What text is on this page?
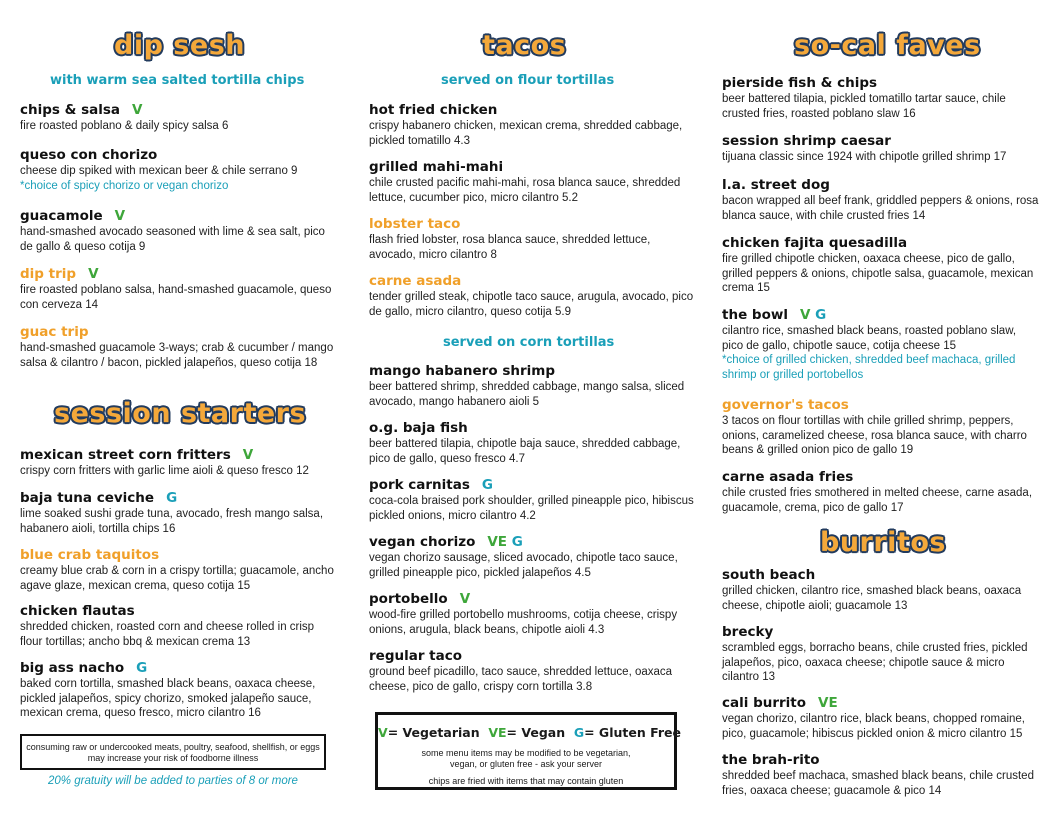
dip sesh
with warm sea salted tortilla chips
chips & salsa V
fire roasted poblano & daily spicy salsa 6
queso con chorizo
cheese dip spiked with mexican beer & chile serrano 9
*choice of spicy chorizo or vegan chorizo
guacamole V
hand-smashed avocado seasoned with lime & sea salt, pico de gallo & queso cotija 9
dip trip V
fire roasted poblano salsa, hand-smashed guacamole, queso con cerveza 14
guac trip
hand-smashed guacamole 3-ways; crab & cucumber / mango salsa & cilantro / bacon, pickled jalapeños, queso cotija 18
session starters
mexican street corn fritters V
crispy corn fritters with garlic lime aioli & queso fresco 12
baja tuna ceviche G
lime soaked sushi grade tuna, avocado, fresh mango salsa, habanero aioli, tortilla chips 16
blue crab taquitos
creamy blue crab & corn in a crispy tortilla; guacamole, ancho agave glaze, mexican crema, queso cotija 15
chicken flautas
shredded chicken, roasted corn and cheese rolled in crisp flour tortillas; ancho bbq & mexican crema 13
big ass nacho G
baked corn tortilla, smashed black beans, oaxaca cheese, pickled jalapeños, spicy chorizo, smoked jalapeño sauce, mexican crema, queso fresco, micro cilantro 16
consuming raw or undercooked meats, poultry, seafood, shellfish, or eggs may increase your risk of foodborne illness
20% gratuity will be added to parties of 8 or more
tacos
served on flour tortillas
hot fried chicken
crispy habanero chicken, mexican crema, shredded cabbage, pickled tomatillo 4.3
grilled mahi-mahi
chile crusted pacific mahi-mahi, rosa blanca sauce, shredded lettuce, cucumber pico, micro cilantro 5.2
lobster taco
flash fried lobster, rosa blanca sauce, shredded lettuce, avocado, micro cilantro 8
carne asada
tender grilled steak, chipotle taco sauce, arugula, avocado, pico de gallo, micro cilantro, queso cotija 5.9
served on corn tortillas
mango habanero shrimp
beer battered shrimp, shredded cabbage, mango salsa, sliced avocado, mango habanero aioli 5
o.g. baja fish
beer battered tilapia, chipotle baja sauce, shredded cabbage, pico de gallo, queso fresco 4.7
pork carnitas G
coca-cola braised pork shoulder, grilled pineapple pico, hibiscus pickled onions, micro cilantro 4.2
vegan chorizo VE G
vegan chorizo sausage, sliced avocado, chipotle taco sauce, grilled pineapple pico, pickled jalapeños 4.5
portobello V
wood-fire grilled portobello mushrooms, cotija cheese, crispy onions, arugula, black beans, chipotle aioli 4.3
regular taco
ground beef picadillo, taco sauce, shredded lettuce, oaxaca cheese, pico de gallo, crispy corn tortilla 3.8
V= Vegetarian VE= Vegan G= Gluten Free
some menu items may be modified to be vegetarian,
vegan, or gluten free - ask your server
chips are fried with items that may contain gluten
so-cal faves
pierside fish & chips
beer battered tilapia, pickled tomatillo tartar sauce, chile crusted fries, roasted poblano slaw 16
session shrimp caesar
tijuana classic since 1924 with chipotle grilled shrimp 17
l.a. street dog
bacon wrapped all beef frank, griddled peppers & onions, rosa blanca sauce, with chile crusted fries 14
chicken fajita quesadilla
fire grilled chipotle chicken, oaxaca cheese, pico de gallo, grilled peppers & onions, chipotle salsa, guacamole, mexican crema 15
the bowl V G
cilantro rice, smashed black beans, roasted poblano slaw, pico de gallo, chipotle sauce, cotija cheese 15
*choice of grilled chicken, shredded beef machaca, grilled shrimp or grilled portobellos
governor's tacos
3 tacos on flour tortillas with chile grilled shrimp, peppers, onions, caramelized cheese, rosa blanca sauce, with charro beans & grilled onion pico de gallo 19
carne asada fries
chile crusted fries smothered in melted cheese, carne asada, guacamole, crema, pico de gallo 17
burritos
south beach
grilled chicken, cilantro rice, smashed black beans, oaxaca cheese, chipotle aioli; guacamole 13
brecky
scrambled eggs, borracho beans, chile crusted fries, pickled jalapeños, pico, oaxaca cheese; chipotle sauce & micro cilantro 13
cali burrito VE
vegan chorizo, cilantro rice, black beans, chopped romaine, pico, guacamole; hibiscus pickled onion & micro cilantro 15
the brah-rito
shredded beef machaca, smashed black beans, chile crusted fries, oaxaca cheese; guacamole & pico 14
